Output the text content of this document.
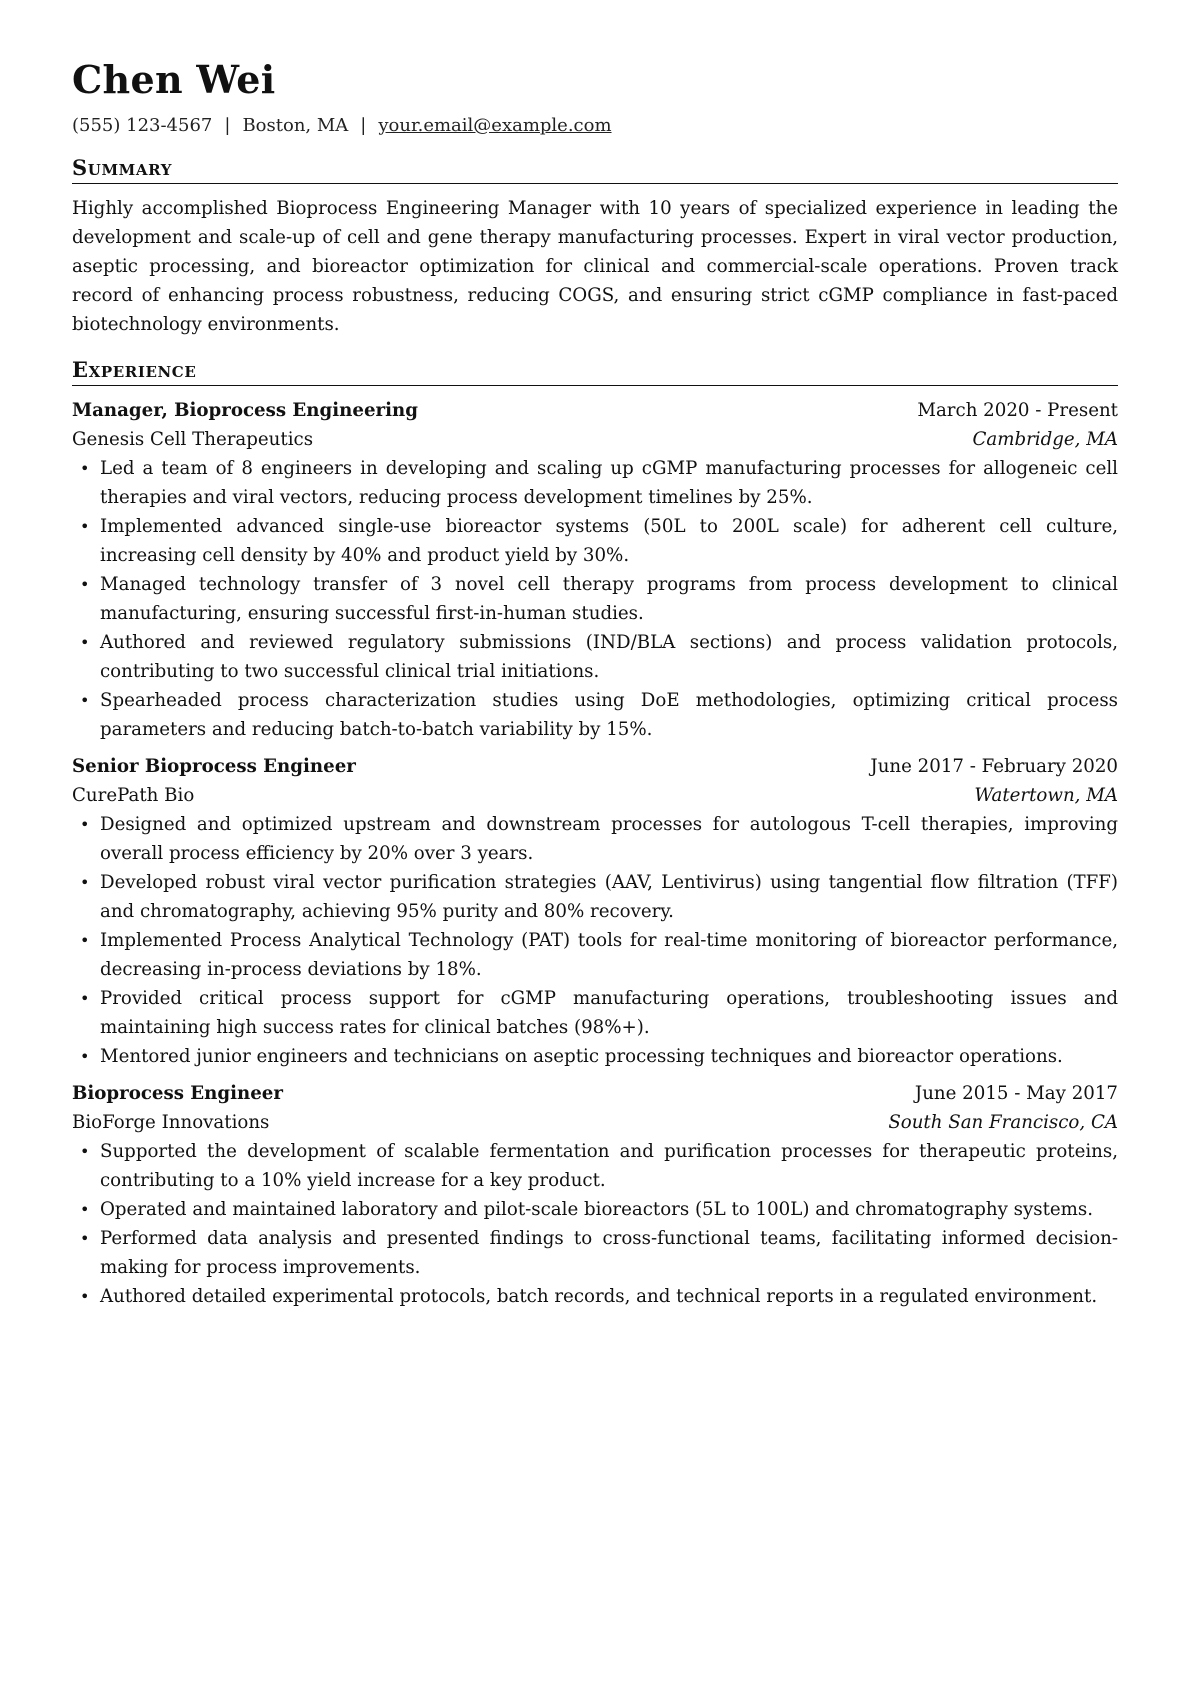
Chen Wei
(555) 123-4567 | Boston, MA | your.email@example.com
Summary

Highly accomplished Bioprocess Engineering Manager with 10 years of specialized experience in leading the development and scale-up of cell and gene therapy manufacturing processes. Expert in viral vector production, aseptic processing, and bioreactor optimization for clinical and commercial-scale operations. Proven track record of enhancing process robustness, reducing COGS, and ensuring strict cGMP compliance in fast-paced biotechnology environments.

Experience
Manager, Bioprocess Engineering	March 2020 - Present
Genesis Cell Therapeutics	Cambridge, MA
• Led a team of 8 engineers in developing and scaling up cGMP manufacturing processes for allogeneic cell therapies and viral vectors, reducing process development timelines by 25%.
• Implemented advanced single-use bioreactor systems (50L to 200L scale) for adherent cell culture, increasing cell density by 40% and product yield by 30%.
• Managed technology transfer of 3 novel cell therapy programs from process development to clinical manufacturing, ensuring successful first-in-human studies.
• Authored and reviewed regulatory submissions (IND/BLA sections) and process validation protocols, contributing to two successful clinical trial initiations.
• Spearheaded process characterization studies using DoE methodologies, optimizing critical process parameters and reducing batch-to-batch variability by 15%.
Senior Bioprocess Engineer	June 2017 - February 2020
CurePath Bio	Watertown, MA
• Designed and optimized upstream and downstream processes for autologous T-cell therapies, improving overall process efficiency by 20% over 3 years.
• Developed robust viral vector purification strategies (AAV, Lentivirus) using tangential flow filtration (TFF) and chromatography, achieving 95% purity and 80% recovery.
• Implemented Process Analytical Technology (PAT) tools for real-time monitoring of bioreactor performance, decreasing in-process deviations by 18%.
• Provided critical process support for cGMP manufacturing operations, troubleshooting issues and maintaining high success rates for clinical batches (98%+).
• Mentored junior engineers and technicians on aseptic processing techniques and bioreactor operations.
Bioprocess Engineer	June 2015 - May 2017
BioForge Innovations	South San Francisco, CA
• Supported the development of scalable fermentation and purification processes for therapeutic proteins, contributing to a 10% yield increase for a key product.
• Operated and maintained laboratory and pilot-scale bioreactors (5L to 100L) and chromatography systems.
• Performed data analysis and presented findings to cross-functional teams, facilitating informed decision-making for process improvements.
• Authored detailed experimental protocols, batch records, and technical reports in a regulated environment.
